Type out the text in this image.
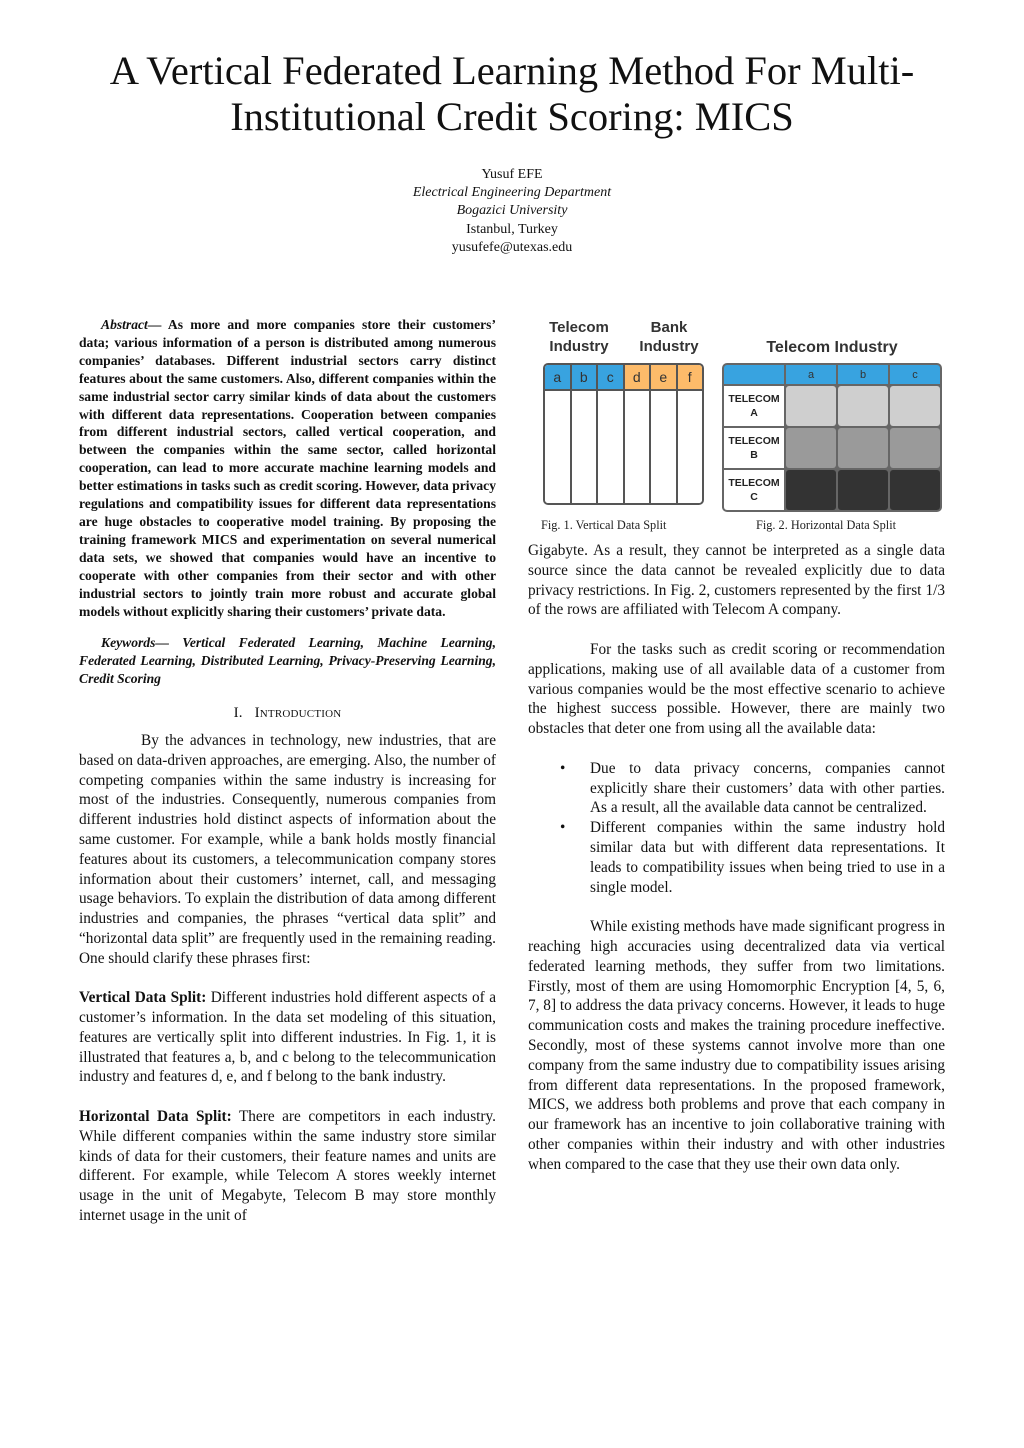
A Vertical Federated Learning Method For Multi-
Institutional Credit Scoring: MICS
Yusuf EFE
Electrical Engineering Department
Bogazici University
Istanbul, Turkey
yusufefe@utexas.edu

Abstract— As more and more companies store their customers’ data; various information of a person is distributed among numerous companies’ databases. Different industrial sectors carry distinct features about the same customers. Also, different companies within the same industrial sector carry similar kinds of data about the customers with different data representations. Cooperation between companies from different industrial sectors, called vertical cooperation, and between the companies within the same sector, called horizontal cooperation, can lead to more accurate machine learning models and better estimations in tasks such as credit scoring. However, data privacy regulations and compatibility issues for different data representations are huge obstacles to cooperative model training. By proposing the training framework MICS and experimentation on several numerical data sets, we showed that companies would have an incentive to cooperate with other companies from their sector and with other industrial sectors to jointly train more robust and accurate global models without explicitly sharing their customers’ private data.

Keywords— Vertical Federated Learning, Machine Learning, Federated Learning, Distributed Learning, Privacy-Preserving Learning, Credit Scoring

I. Introduction

By the advances in technology, new industries, that are based on data-driven approaches, are emerging. Also, the number of competing companies within the same industry is increasing for most of the industries. Consequently, numerous companies from different industries hold distinct aspects of information about the same customer. For example, while a bank holds mostly financial features about its customers, a telecommunication company stores information about their customers’ internet, call, and messaging usage behaviors. To explain the distribution of data among different industries and companies, the phrases “vertical data split” and “horizontal data split” are frequently used in the remaining reading. One should clarify these phrases first:

Vertical Data Split: Different industries hold different aspects of a customer’s information. In the data set modeling of this situation, features are vertically split into different industries. In Fig. 1, it is illustrated that features a, b, and c belong to the telecommunication industry and features d, e, and f belong to the bank industry.

Horizontal Data Split: There are competitors in each industry. While different companies within the same industry store similar kinds of data for their customers, their feature names and units are different. For example, while Telecom A stores weekly internet usage in the unit of Megabyte, Telecom B may store monthly internet usage in the unit of

Telecom
Industry
Bank
Industry
a	b	c	d	e	f
Fig. 1. Vertical Data Split
Telecom Industry
a	b	c
TELECOM
A
TELECOM
B
TELECOM
C
Fig. 2. Horizontal Data Split

Gigabyte. As a result, they cannot be interpreted as a single data source since the data cannot be revealed explicitly due to data privacy restrictions. In Fig. 2, customers represented by the first 1/3 of the rows are affiliated with Telecom A company.

For the tasks such as credit scoring or recommendation applications, making use of all available data of a customer from various companies would be the most effective scenario to achieve the highest success possible. However, there are mainly two obstacles that deter one from using all the available data:

• Due to data privacy concerns, companies cannot explicitly share their customers’ data with other parties. As a result, all the available data cannot be centralized.
• Different companies within the same industry hold similar data but with different data representations. It leads to compatibility issues when being tried to use in a single model.

While existing methods have made significant progress in reaching high accuracies using decentralized data via vertical federated learning methods, they suffer from two limitations. Firstly, most of them are using Homomorphic Encryption [4, 5, 6, 7, 8] to address the data privacy concerns. However, it leads to huge communication costs and makes the training procedure ineffective. Secondly, most of these systems cannot involve more than one company from the same industry due to compatibility issues arising from different data representations. In the proposed framework, MICS, we address both problems and prove that each company in our framework has an incentive to join collaborative training with other companies within their industry and with other industries when compared to the case that they use their own data only.
